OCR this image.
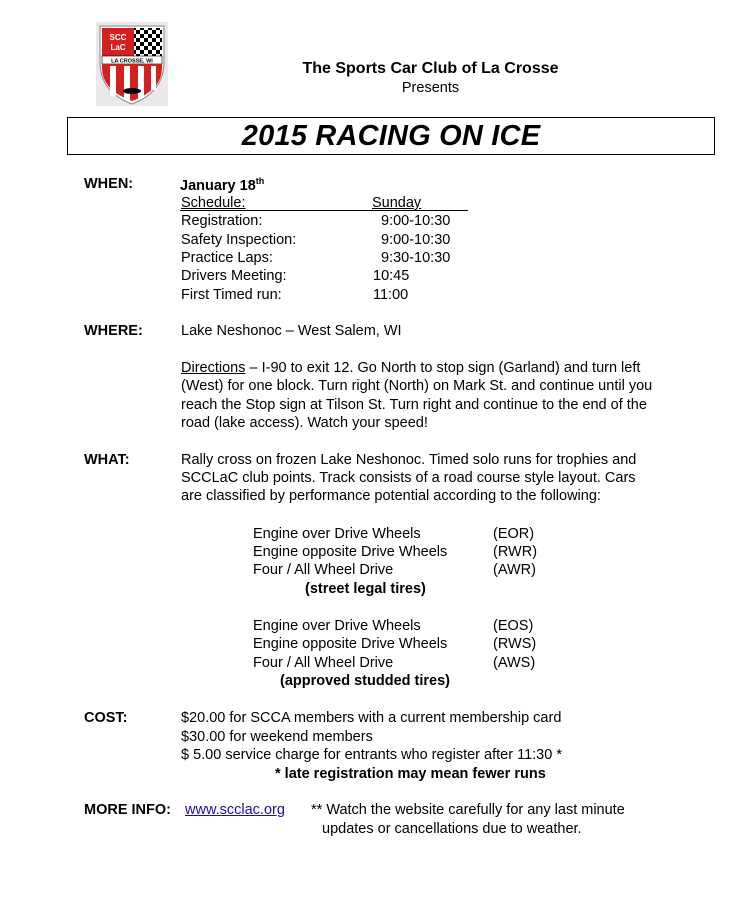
SCC
LaC
LA CROSSE, WI	The Sports Car Club of La Crosse
Presents
2015 RACING ON ICE
WHEN:	January 18th
Schedule:	Sunday
Registration:	9:00-10:30
Safety Inspection:	9:00-10:30
Practice Laps:	9:30-10:30
Drivers Meeting:	10:45
First Timed run:	11:00
WHERE:	Lake Neshonoc – West Salem, WI
Directions – I-90 to exit 12. Go North to stop sign (Garland) and turn left
(West) for one block. Turn right (North) on Mark St. and continue until you
reach the Stop sign at Tilson St. Turn right and continue to the end of the
road (lake access). Watch your speed!
WHAT:	Rally cross on frozen Lake Neshonoc. Timed solo runs for trophies and
SCCLaC club points. Track consists of a road course style layout. Cars
are classified by performance potential according to the following:
Engine over Drive Wheels	(EOR)
Engine opposite Drive Wheels	(RWR)
Four / All Wheel Drive	(AWR)
(street legal tires)
Engine over Drive Wheels	(EOS)
Engine opposite Drive Wheels	(RWS)
Four / All Wheel Drive	(AWS)
(approved studded tires)
COST:	$20.00 for SCCA members with a current membership card
$30.00 for weekend members
$ 5.00 service charge for entrants who register after 11:30 *
* late registration may mean fewer runs
MORE INFO: www.scclac.org ** Watch the website carefully for any last minute
updates or cancellations due to weather.
